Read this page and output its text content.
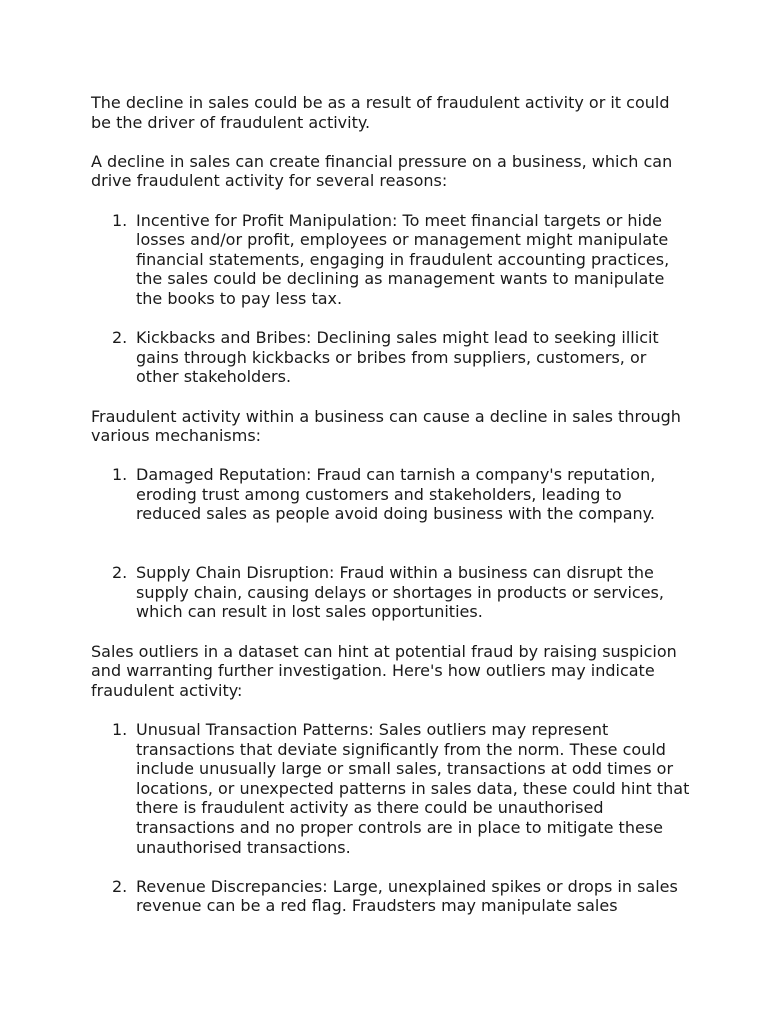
The decline in sales could be as a result of fraudulent activity or it could be the driver of fraudulent activity.

A decline in sales can create financial pressure on a business, which can drive fraudulent activity for several reasons:

1. Incentive for Profit Manipulation: To meet financial targets or hide losses and/or profit, employees or management might manipulate financial statements, engaging in fraudulent accounting practices, the sales could be declining as management wants to manipulate the books to pay less tax.
2. Kickbacks and Bribes: Declining sales might lead to seeking illicit gains through kickbacks or bribes from suppliers, customers, or other stakeholders.

Fraudulent activity within a business can cause a decline in sales through various mechanisms:

1. Damaged Reputation: Fraud can tarnish a company's reputation, eroding trust among customers and stakeholders, leading to reduced sales as people avoid doing business with the company.
2. Supply Chain Disruption: Fraud within a business can disrupt the supply chain, causing delays or shortages in products or services, which can result in lost sales opportunities.

Sales outliers in a dataset can hint at potential fraud by raising suspicion and warranting further investigation. Here's how outliers may indicate fraudulent activity:

1. Unusual Transaction Patterns: Sales outliers may represent transactions that deviate significantly from the norm. These could include unusually large or small sales, transactions at odd times or locations, or unexpected patterns in sales data, these could hint that there is fraudulent activity as there could be unauthorised transactions and no proper controls are in place to mitigate these unauthorised transactions.
2. Revenue Discrepancies: Large, unexplained spikes or drops in sales revenue can be a red flag. Fraudsters may manipulate sales
